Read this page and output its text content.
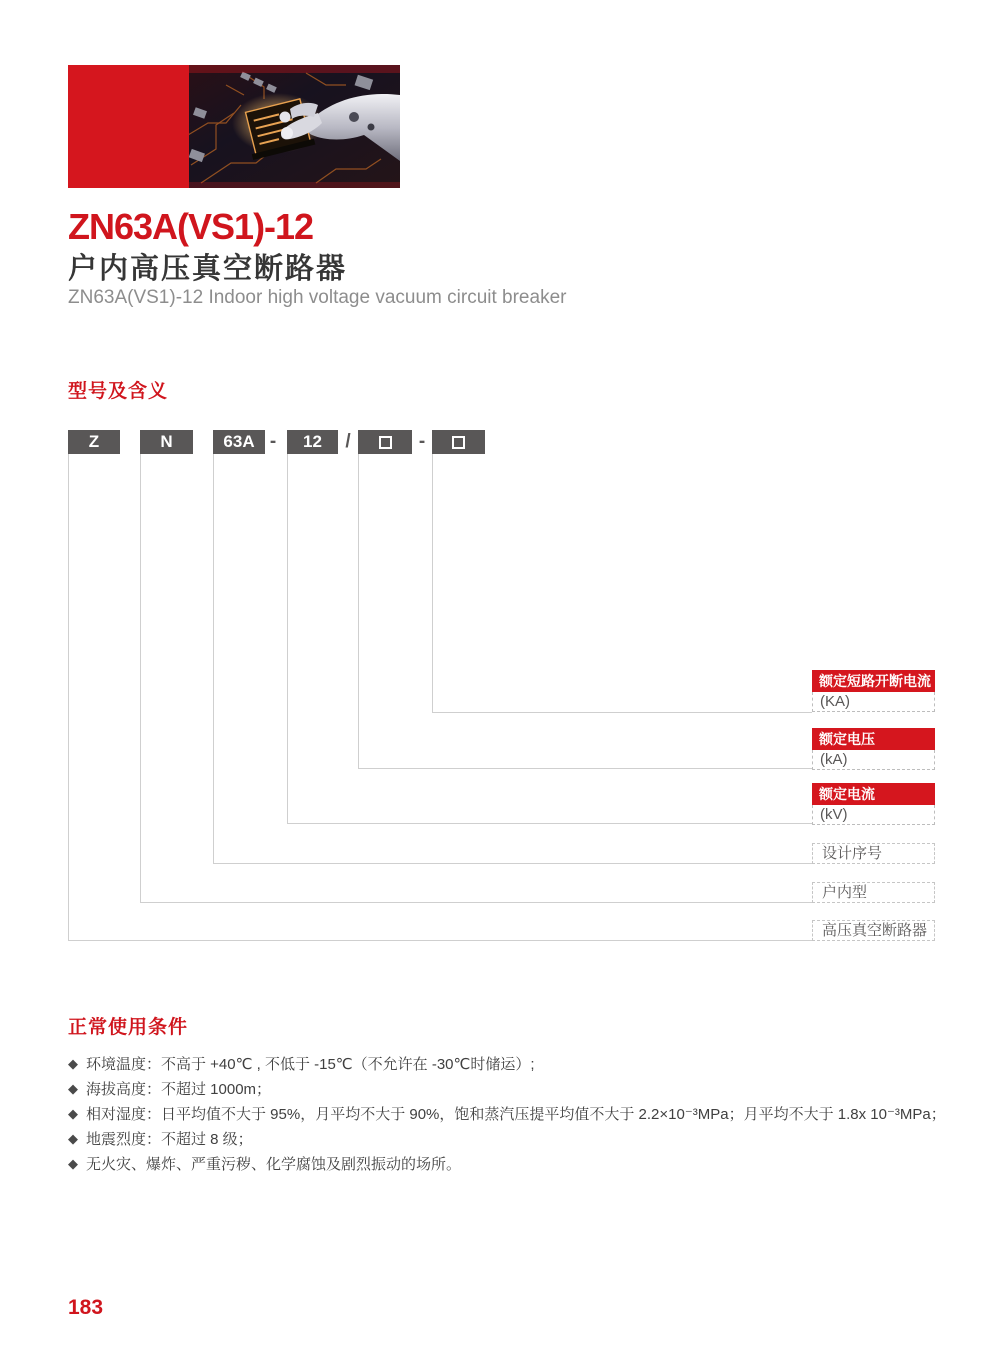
ZN63A(VS1)-12
户内高压真空断路器
ZN63A(VS1)-12 Indoor high voltage vacuum circuit breaker
型号及含义
Z	N	63A -	12	/	-
额定短路开断电流
(KA)
额定电压
(kA)
额定电流
(kV)
设计序号
户内型
高压真空断路器
正常使用条件
◆ 环境温度：不高于 +40℃ , 不低于 -15℃（不允许在 -30℃时储运）;
◆ 海拔高度：不超过 1000m；
◆ 相对湿度：日平均值不大于 95%，月平均不大于 90%，饱和蒸汽压提平均值不大于 2.2×10⁻³MPa；月平均不大于 1.8x 10⁻³MPa；
◆ 地震烈度：不超过 8 级；
◆ 无火灾、爆炸、严重污秽、化学腐蚀及剧烈振动的场所。
183
